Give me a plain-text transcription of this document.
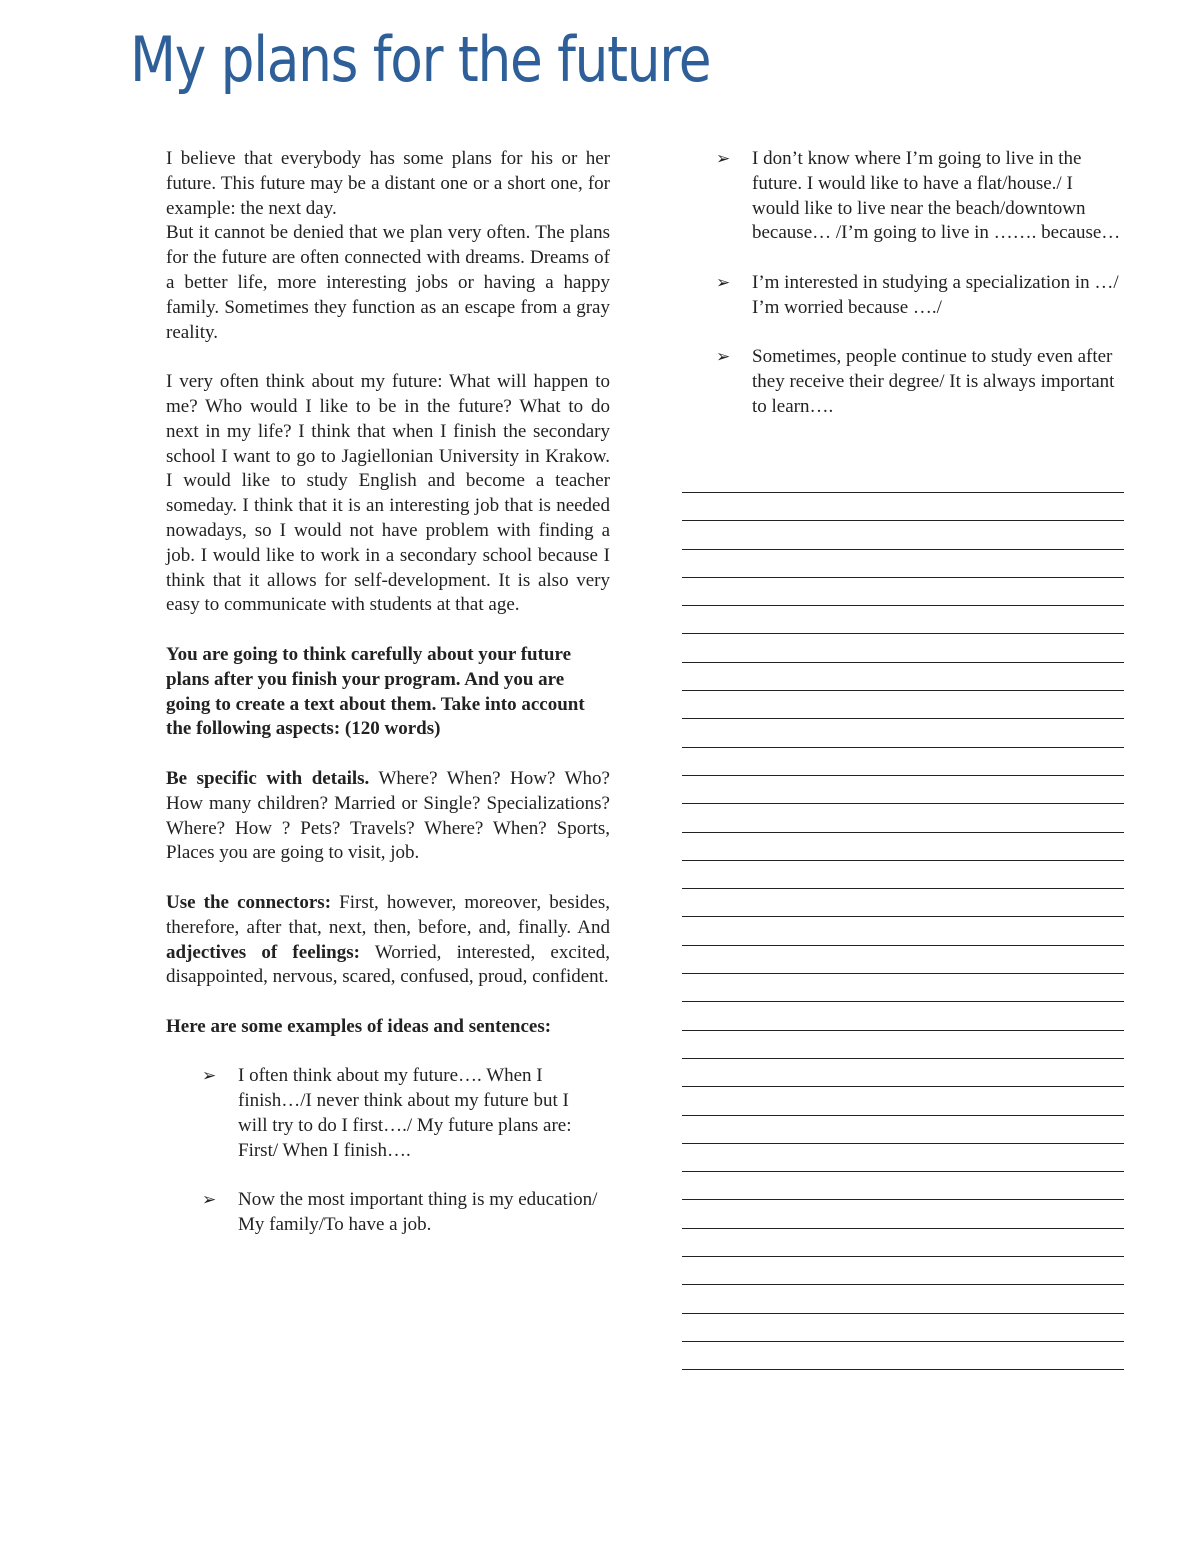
My plans for the future

I believe that everybody has some plans for his or her future. This future may be a distant one or a short one, for example: the next day.

But it cannot be denied that we plan very often. The plans for the future are often connected with dreams. Dreams of a better life, more interesting jobs or having a happy family. Sometimes they function as an escape from a gray reality.

I very often think about my future: What will happen to me? Who would I like to be in the future? What to do next in my life? I think that when I finish the secondary school I want to go to Jagiellonian University in Krakow. I would like to study English and become a teacher someday. I think that it is an interesting job that is needed nowadays, so I would not have problem with finding a job. I would like to work in a secondary school because I think that it allows for self-development. It is also very easy to communicate with students at that age.

You are going to think carefully about your future plans after you finish your program. And you are going to create a text about them. Take into account the following aspects: (120 words)

Be specific with details. Where? When? How? Who? How many children? Married or Single? Specializations? Where? How ? Pets? Travels? Where? When? Sports, Places you are going to visit, job.

Use the connectors: First, however, moreover, besides, therefore, after that, next, then, before, and, finally. And adjectives of feelings: Worried, interested, excited, disappointed, nervous, scared, confused, proud, confident.

Here are some examples of ideas and sentences:

➢	I often think about my future…. When I finish…/I never think about my future but I will try to do I first…./ My future plans are: First/ When I finish….
➢	Now the most important thing is my education/ My family/To have a job.
➢	I don’t know where I’m going to live in the future. I would like to have a flat/house./ I would like to live near the beach/downtown because… /I’m going to live in ……. because…
➢	I’m interested in studying a specialization in …/ I’m worried because …./
➢	Sometimes, people continue to study even after they receive their degree/ It is always important to learn….
